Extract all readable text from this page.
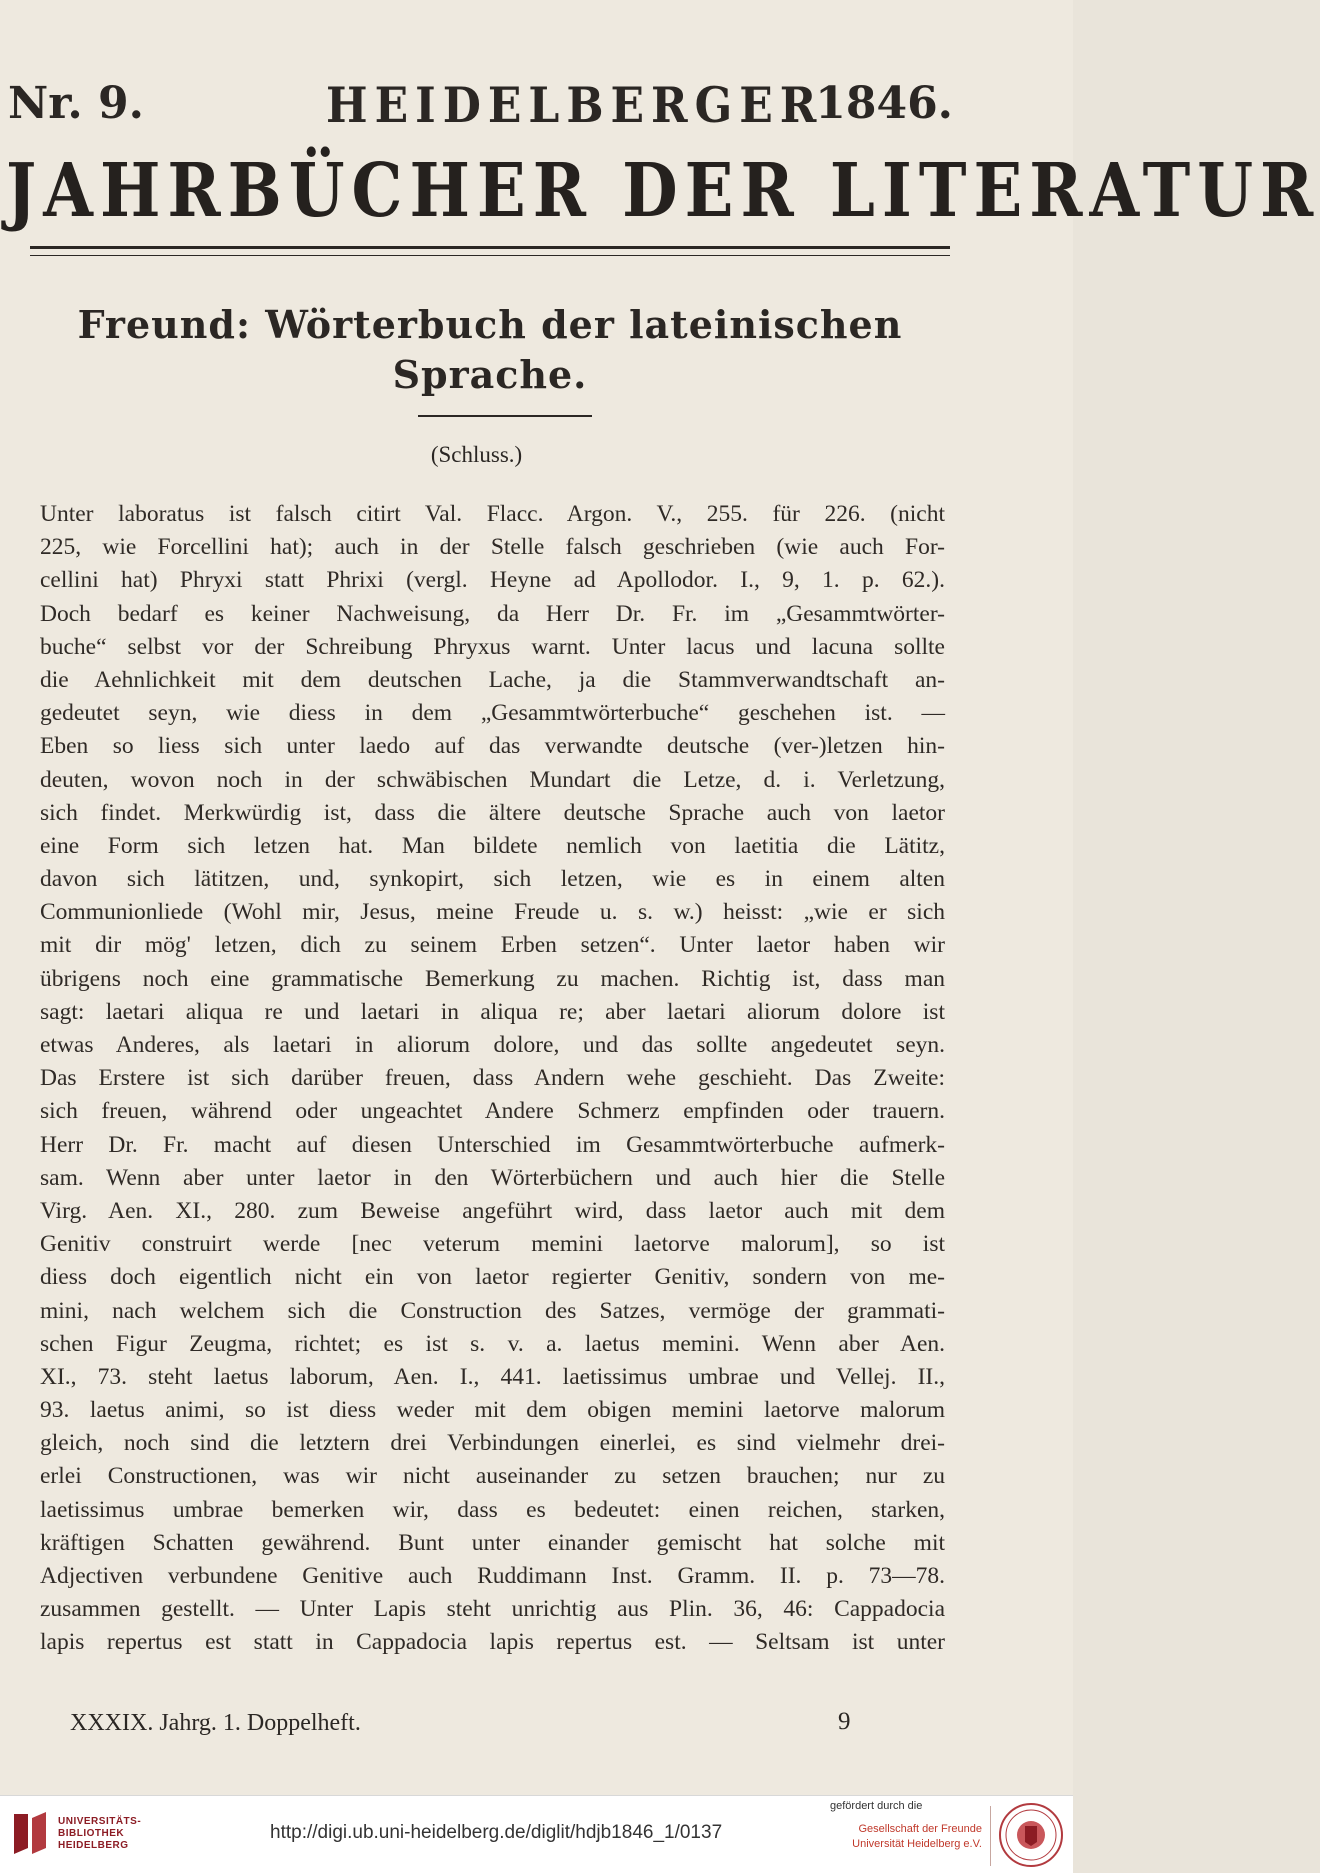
Nr. 9.	HEIDELBERGER
1846.
JAHRBÜCHER DER LITERATUR
Freund: Wörterbuch der lateinischen
Sprache.
(Schluss.)
Unter laboratus ist falsch citirt Val. Flacc. Argon. V., 255. für 226. (nicht
225, wie Forcellini hat); auch in der Stelle falsch geschrieben (wie auch For-
cellini hat) Phryxi statt Phrixi (vergl. Heyne ad Apollodor. I., 9, 1. p. 62.).
Doch bedarf es keiner Nachweisung, da Herr Dr. Fr. im „Gesammtwörter-
buche“ selbst vor der Schreibung Phryxus warnt. Unter lacus und lacuna sollte
die Aehnlichkeit mit dem deutschen Lache, ja die Stammverwandtschaft an-
gedeutet seyn, wie diess in dem „Gesammtwörterbuche“ geschehen ist. —
Eben so liess sich unter laedo auf das verwandte deutsche (ver-)letzen hin-
deuten, wovon noch in der schwäbischen Mundart die Letze, d. i. Verletzung,
sich findet. Merkwürdig ist, dass die ältere deutsche Sprache auch von laetor
eine Form sich letzen hat. Man bildete nemlich von laetitia die Lätitz,
davon sich lätitzen, und, synkopirt, sich letzen, wie es in einem alten
Communionliede (Wohl mir, Jesus, meine Freude u. s. w.) heisst: „wie er sich
mit dir mög' letzen, dich zu seinem Erben setzen“. Unter laetor haben wir
übrigens noch eine grammatische Bemerkung zu machen. Richtig ist, dass man
sagt: laetari aliqua re und laetari in aliqua re; aber laetari aliorum dolore ist
etwas Anderes, als laetari in aliorum dolore, und das sollte angedeutet seyn.
Das Erstere ist sich darüber freuen, dass Andern wehe geschieht. Das Zweite:
sich freuen, während oder ungeachtet Andere Schmerz empfinden oder trauern.
Herr Dr. Fr. macht auf diesen Unterschied im Gesammtwörterbuche aufmerk-
sam. Wenn aber unter laetor in den Wörterbüchern und auch hier die Stelle
Virg. Aen. XI., 280. zum Beweise angeführt wird, dass laetor auch mit dem
Genitiv construirt werde [nec veterum memini laetorve malorum], so ist
diess doch eigentlich nicht ein von laetor regierter Genitiv, sondern von me-
mini, nach welchem sich die Construction des Satzes, vermöge der grammati-
schen Figur Zeugma, richtet; es ist s. v. a. laetus memini. Wenn aber Aen.
XI., 73. steht laetus laborum, Aen. I., 441. laetissimus umbrae und Vellej. II.,
93. laetus animi, so ist diess weder mit dem obigen memini laetorve malorum
gleich, noch sind die letztern drei Verbindungen einerlei, es sind vielmehr drei-
erlei Constructionen, was wir nicht auseinander zu setzen brauchen; nur zu
laetissimus umbrae bemerken wir, dass es bedeutet: einen reichen, starken,
kräftigen Schatten gewährend. Bunt unter einander gemischt hat solche mit
Adjectiven verbundene Genitive auch Ruddimann Inst. Gramm. II. p. 73—78.
zusammen gestellt. — Unter Lapis steht unrichtig aus Plin. 36, 46: Cappadocia
lapis repertus est statt in Cappadocia lapis repertus est. — Seltsam ist unter
XXXIX. Jahrg. 1. Doppelheft.	9
UNIVERSITÄTS-
BIBLIOTHEK
HEIDELBERG
http://digi.ub.uni-heidelberg.de/diglit/hdjb1846_1/0137
gefördert durch die
Gesellschaft der Freunde
Universität Heidelberg e.V.
